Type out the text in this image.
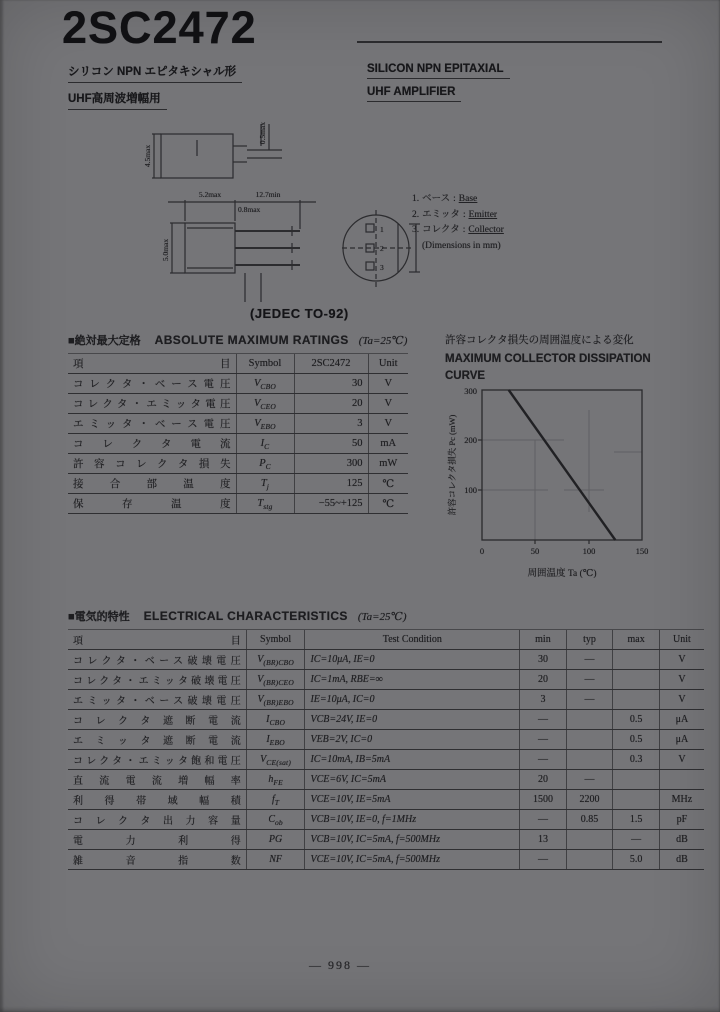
2SC2472
シリコン NPN エピタキシャル形
UHF高周波増幅用
SILICON NPN EPITAXIAL
UHF AMPLIFIER
4.5max
0.5max
5.2max	12.7min
0.8max
5.0max
1
2
3
(JEDEC TO-92)
1. ベース : Base
2. エミッタ : Emitter
3. コレクタ : Collector
(Dimensions in mm)
■絶対最大定格 ABSOLUTE MAXIMUM RATINGS (Ta=25℃)
項　目	Symbol	2SC2472	Unit
コレクタ・ベース電圧	$V_{CBO}$	30	V
コレクタ・エミッタ電圧	$V_{CEO}$	20	V
エミッタ・ベース電圧	$V_{EBO}$	3	V
コレクタ電流	$I_C$	50	mA
許容コレクタ損失	$P_C$	300	mW
接合部温度	$T_j$	125	℃
保存温度	$T_{stg}$	−55~+125	℃
許容コレクタ損失の周囲温度による変化
MAXIMUM COLLECTOR DISSIPATION
CURVE
300
200
100
0	50	100	150
周囲温度 Ta (℃)
許容コレクタ損失 Pc (mW)
■電気的特性 ELECTRICAL CHARACTERISTICS (Ta=25℃)
項　目	Symbol	Test Condition	min	typ	max	Unit
コレクタ・ベース破壊電圧	$V_{(BR)CBO}$	IC=10μA, IE=0	30	—		V
コレクタ・エミッタ破壊電圧	$V_{(BR)CEO}$	IC=1mA, RBE=∞	20	—		V
エミッタ・ベース破壊電圧	$V_{(BR)EBO}$	IE=10μA, IC=0	3	—		V
コレクタ遮断電流	$I_{CBO}$	VCB=24V, IE=0	—		0.5	μA
エミッタ遮断電流	$I_{EBO}$	VEB=2V, IC=0	—		0.5	μA
コレクタ・エミッタ飽和電圧	$V_{CE(sat)}$	IC=10mA, IB=5mA	—		0.3	V
直流電流増幅率	$h_{FE}$	VCE=6V, IC=5mA	20	—		
利得帯域幅積	$f_T$	VCE=10V, IE=5mA	1500	2200		MHz
コレクタ出力容量	$C_{ob}$	VCB=10V, IE=0, f=1MHz	—	0.85	1.5	pF
電力利得	PG	VCB=10V, IC=5mA, f=500MHz	13		—	dB
雑音指数	NF	VCE=10V, IC=5mA, f=500MHz	—		5.0	dB
— 998 —
